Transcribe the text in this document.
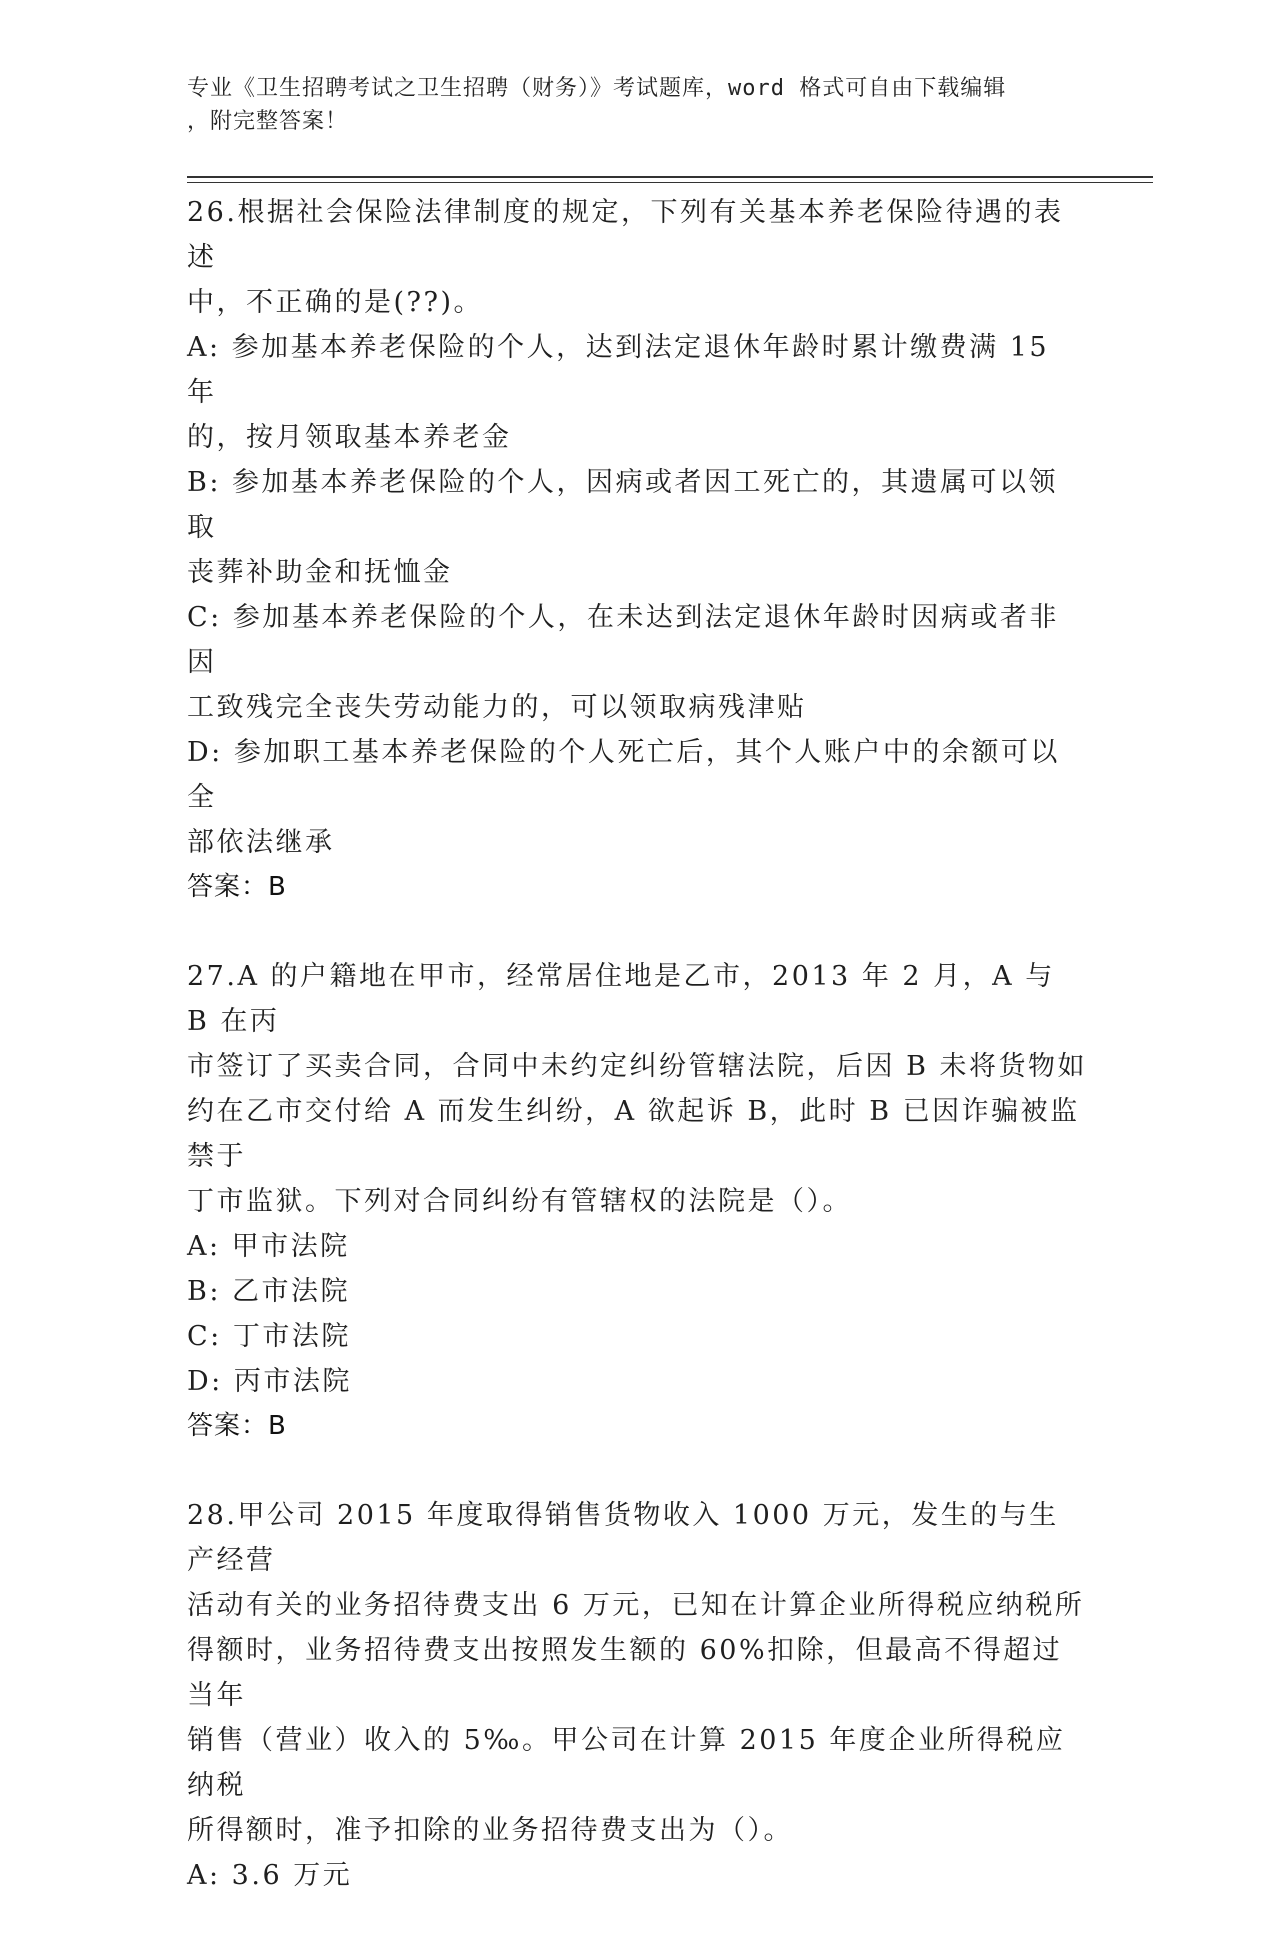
专业《卫生招聘考试之卫生招聘（财务）》考试题库，word 格式可自由下载编辑
，附完整答案！
26.根据社会保险法律制度的规定，下列有关基本养老保险待遇的表述
中，不正确的是(??)。
A: 参加基本养老保险的个人，达到法定退休年龄时累计缴费满 15 年
的，按月领取基本养老金
B: 参加基本养老保险的个人，因病或者因工死亡的，其遗属可以领取
丧葬补助金和抚恤金
C: 参加基本养老保险的个人，在未达到法定退休年龄时因病或者非因
工致残完全丧失劳动能力的，可以领取病残津贴
D: 参加职工基本养老保险的个人死亡后，其个人账户中的余额可以全
部依法继承
答案：B
27.A 的户籍地在甲市，经常居住地是乙市，2013 年 2 月，A 与 B 在丙
市签订了买卖合同，合同中未约定纠纷管辖法院，后因 B 未将货物如
约在乙市交付给 A 而发生纠纷，A 欲起诉 B，此时 B 已因诈骗被监禁于
丁市监狱。下列对合同纠纷有管辖权的法院是（）。
A: 甲市法院
B: 乙市法院
C: 丁市法院
D: 丙市法院
答案：B
28.甲公司 2015 年度取得销售货物收入 1000 万元，发生的与生产经营
活动有关的业务招待费支出 6 万元，已知在计算企业所得税应纳税所
得额时，业务招待费支出按照发生额的 60%扣除，但最高不得超过当年
销售（营业）收入的 5‰。甲公司在计算 2015 年度企业所得税应纳税
所得额时，准予扣除的业务招待费支出为（）。
A: 3.6 万元
